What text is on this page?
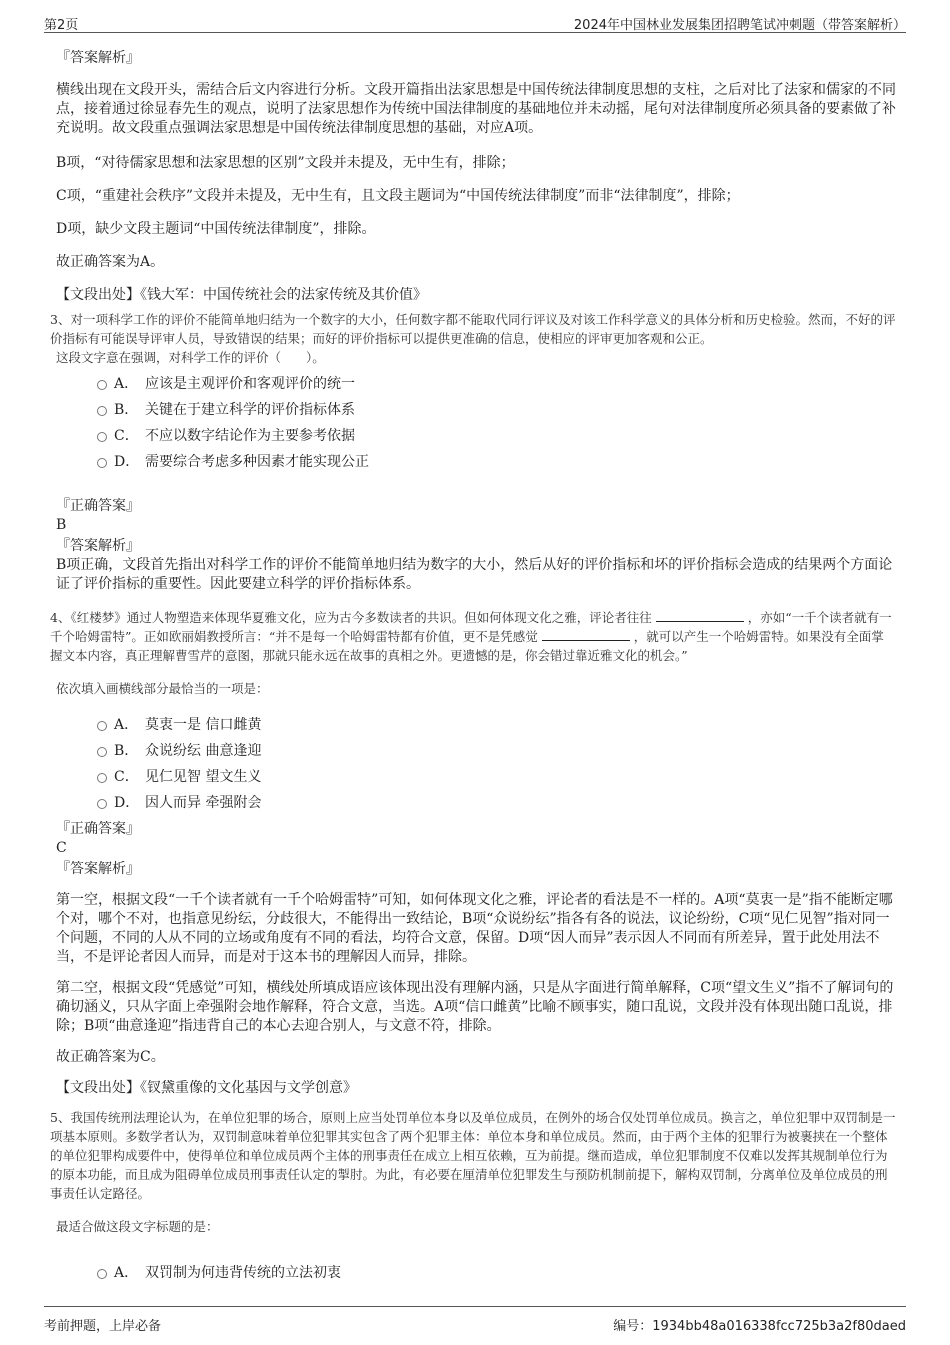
第2页	2024年中国林业发展集团招聘笔试冲刺题（带答案解析）

『答案解析』

横线出现在文段开头，需结合后文内容进行分析。文段开篇指出法家思想是中国传统法律制度思想的支柱，之后对比了法家和儒家的不同点，接着通过徐显春先生的观点，说明了法家思想作为传统中国法律制度的基础地位并未动摇，尾句对法律制度所必须具备的要素做了补充说明。故文段重点强调法家思想是中国传统法律制度思想的基础，对应A项。

B项，“对待儒家思想和法家思想的区别”文段并未提及，无中生有，排除；

C项，“重建社会秩序”文段并未提及，无中生有，且文段主题词为“中国传统法律制度”而非“法律制度”，排除；

D项，缺少文段主题词“中国传统法律制度”，排除。

故正确答案为A。

【文段出处】《钱大军：中国传统社会的法家传统及其价值》

3、对一项科学工作的评价不能简单地归结为一个数字的大小，任何数字都不能取代同行评议及对该工作科学意义的具体分析和历史检验。然而，不好的评价指标有可能误导评审人员，导致错误的结果；而好的评价指标可以提供更准确的信息，使相应的评审更加客观和公正。

这段文字意在强调，对科学工作的评价（　　）。

A． 应该是主观评价和客观评价的统一
B． 关键在于建立科学的评价指标体系
C． 不应以数字结论作为主要参考依据
D． 需要综合考虑多种因素才能实现公正

『正确答案』

B

『答案解析』

B项正确，文段首先指出对科学工作的评价不能简单地归结为数字的大小，然后从好的评价指标和坏的评价指标会造成的结果两个方面论证了评价指标的重要性。因此要建立科学的评价指标体系。

4、《红楼梦》通过人物塑造来体现华夏雅文化，应为古今多数读者的共识。但如何体现文化之雅，评论者往往	，亦如“一千个读者就有一千个哈姆雷特”。正如欧丽娟教授所言：“并不是每一个哈姆雷特都有价值，更不是凭感觉	，就可以产生一个哈姆雷特。如果没有全面掌握文本内容，真正理解曹雪芹的意图，那就只能永远在故事的真相之外。更遗憾的是，你会错过靠近雅文化的机会。”

依次填入画横线部分最恰当的一项是：

A． 莫衷一是 信口雌黄
B． 众说纷纭 曲意逢迎
C． 见仁见智 望文生义
D． 因人而异 牵强附会

『正确答案』

C

『答案解析』

第一空，根据文段“一千个读者就有一千个哈姆雷特”可知，如何体现文化之雅，评论者的看法是不一样的。A项“莫衷一是”指不能断定哪个对，哪个不对，也指意见纷纭，分歧很大，不能得出一致结论，B项“众说纷纭”指各有各的说法，议论纷纷，C项“见仁见智”指对同一个问题，不同的人从不同的立场或角度有不同的看法，均符合文意，保留。D项“因人而异”表示因人不同而有所差异，置于此处用法不当，不是评论者因人而异，而是对于这本书的理解因人而异，排除。

第二空，根据文段“凭感觉”可知，横线处所填成语应该体现出没有理解内涵，只是从字面进行简单解释，C项“望文生义”指不了解词句的确切涵义，只从字面上牵强附会地作解释，符合文意，当选。A项“信口雌黄”比喻不顾事实，随口乱说，文段并没有体现出随口乱说，排除；B项“曲意逢迎”指违背自己的本心去迎合别人，与文意不符，排除。

故正确答案为C。

【文段出处】《钗黛重像的文化基因与文学创意》

5、我国传统刑法理论认为，在单位犯罪的场合，原则上应当处罚单位本身以及单位成员，在例外的场合仅处罚单位成员。换言之，单位犯罪中双罚制是一项基本原则。多数学者认为，双罚制意味着单位犯罪其实包含了两个犯罪主体：单位本身和单位成员。然而，由于两个主体的犯罪行为被裹挟在一个整体的单位犯罪构成要件中，使得单位和单位成员两个主体的刑事责任在成立上相互依赖，互为前提。继而造成，单位犯罪制度不仅难以发挥其规制单位行为的原本功能，而且成为阻碍单位成员刑事责任认定的掣肘。为此，有必要在厘清单位犯罪发生与预防机制前提下，解构双罚制，分离单位及单位成员的刑事责任认定路径。

最适合做这段文字标题的是：

A． 双罚制为何违背传统的立法初衷
考前押题，上岸必备	编号：1934bb48a016338fcc725b3a2f80daed
